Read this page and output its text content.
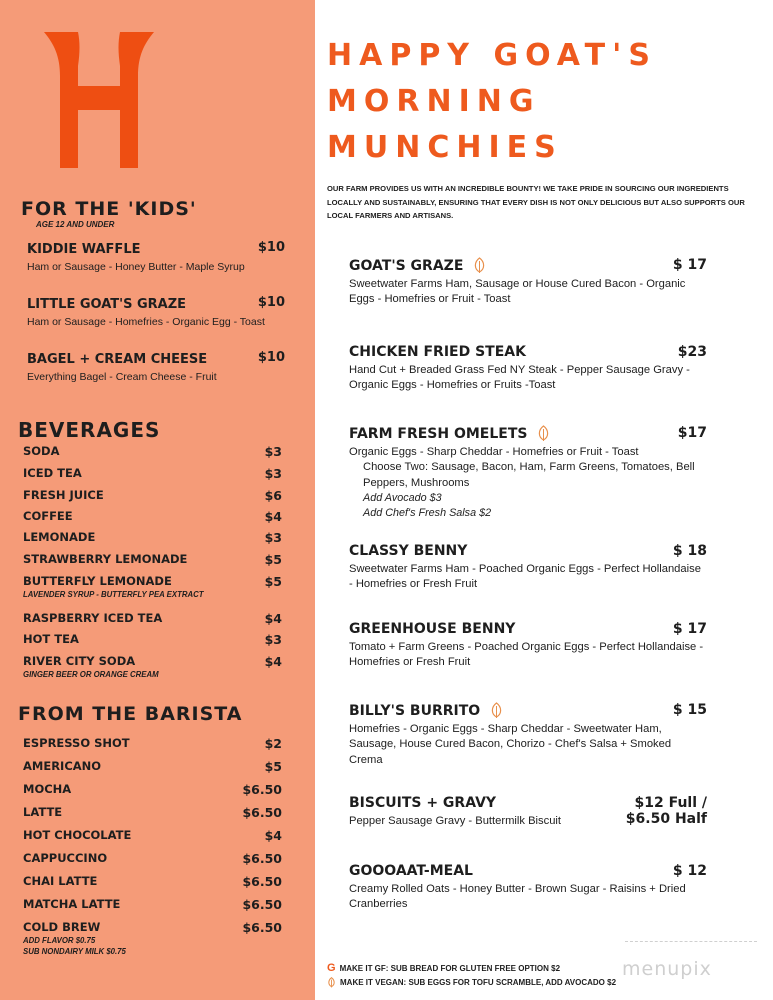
FOR THE 'KIDS'
AGE 12 AND UNDER
KIDDIE WAFFLE	$10
Ham or Sausage - Honey Butter - Maple Syrup
LITTLE GOAT'S GRAZE	$10
Ham or Sausage - Homefries - Organic Egg - Toast
BAGEL + CREAM CHEESE	$10
Everything Bagel - Cream Cheese - Fruit
BEVERAGES
SODA	$3
ICED TEA	$3
FRESH JUICE	$6
COFFEE	$4
LEMONADE	$3
STRAWBERRY LEMONADE	$5
BUTTERFLY LEMONADE	$5
LAVENDER SYRUP - BUTTERFLY PEA EXTRACT
RASPBERRY ICED TEA	$4
HOT TEA	$3
RIVER CITY SODA	$4
GINGER BEER OR ORANGE CREAM
FROM THE BARISTA
ESPRESSO SHOT	$2
AMERICANO	$5
MOCHA	$6.50
LATTE	$6.50
HOT CHOCOLATE	$4
CAPPUCCINO	$6.50
CHAI LATTE	$6.50
MATCHA LATTE	$6.50
COLD BREW	$6.50
ADD FLAVOR $0.75
SUB NONDAIRY MILK $0.75
HAPPY GOAT'S
MORNING
MUNCHIES
OUR FARM PROVIDES US WITH AN INCREDIBLE BOUNTY! WE TAKE PRIDE IN SOURCING OUR INGREDIENTS LOCALLY AND SUSTAINABLY, ENSURING THAT EVERY DISH IS NOT ONLY DELICIOUS BUT ALSO SUPPORTS OUR LOCAL FARMERS AND ARTISANS.
GOAT'S GRAZE	$ 17
Sweetwater Farms Ham, Sausage or House Cured Bacon - Organic Eggs - Homefries or Fruit - Toast
CHICKEN FRIED STEAK	$23
Hand Cut + Breaded Grass Fed NY Steak - Pepper Sausage Gravy - Organic Eggs - Homefries or Fruits -Toast
FARM FRESH OMELETS	$17
Organic Eggs - Sharp Cheddar - Homefries or Fruit - Toast
Choose Two: Sausage, Bacon, Ham, Farm Greens, Tomatoes, Bell Peppers, Mushrooms
Add Avocado $3
Add Chef's Fresh Salsa $2
CLASSY BENNY	$ 18
Sweetwater Farms Ham - Poached Organic Eggs - Perfect Hollandaise - Homefries or Fresh Fruit
GREENHOUSE BENNY	$ 17
Tomato + Farm Greens - Poached Organic Eggs - Perfect Hollandaise - Homefries or Fresh Fruit
BILLY'S BURRITO	$ 15
Homefries - Organic Eggs - Sharp Cheddar - Sweetwater Ham, Sausage, House Cured Bacon, Chorizo - Chef's Salsa + Smoked Crema
BISCUITS + GRAVY	$12 Full /
$6.50 Half
Pepper Sausage Gravy - Buttermilk Biscuit
GOOOAAT-MEAL	$ 12
Creamy Rolled Oats - Honey Butter - Brown Sugar - Raisins + Dried Cranberries
G MAKE IT GF: SUB BREAD FOR GLUTEN FREE OPTION
$2
MAKE IT VEGAN: SUB EGGS FOR TOFU SCRAMBLE, ADD AVOCADO
$2
menupix
